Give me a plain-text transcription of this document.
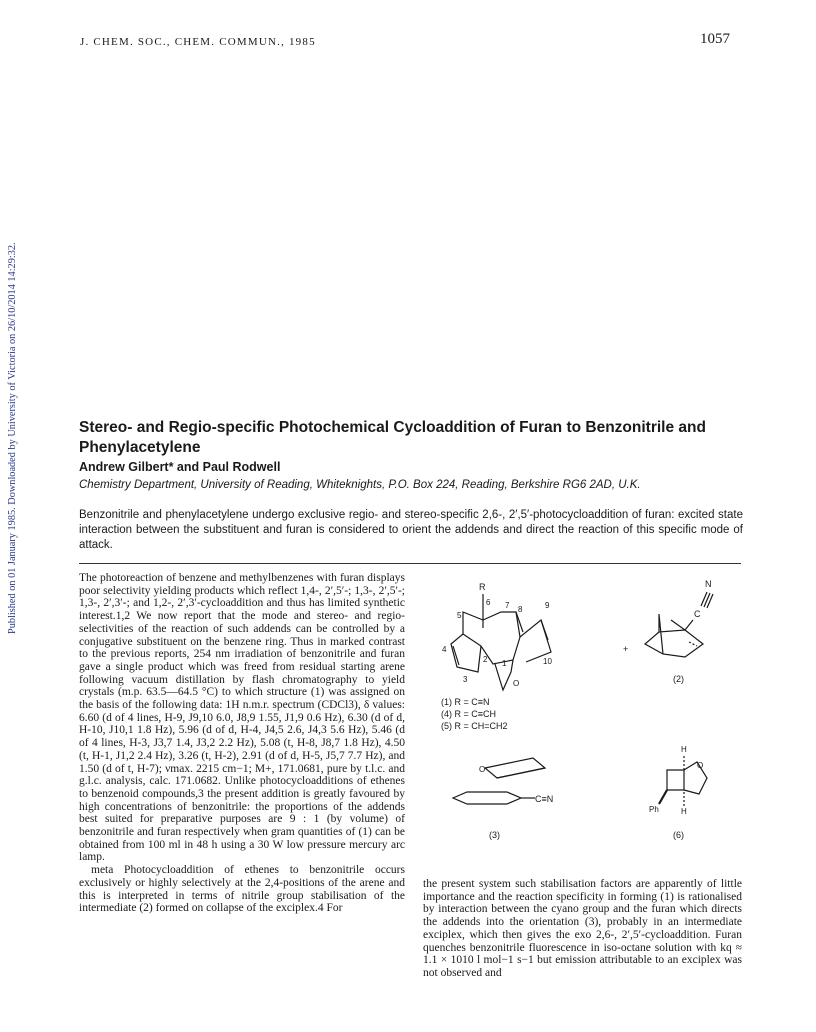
J. CHEM. SOC., CHEM. COMMUN., 1985	1057
Published on 01 January 1985. Downloaded by University of Victoria on 26/10/2014 14:29:32.	Stereo- and Regio-specific Photochemical Cycloaddition of Furan to Benzonitrile and Phenylacetylene
Andrew Gilbert* and Paul Rodwell
Chemistry Department, University of Reading, Whiteknights, P.O. Box 224, Reading, Berkshire RG6 2AD, U.K.
Benzonitrile and phenylacetylene undergo exclusive regio- and stereo-specific 2,6-, 2′,5′-photocycloaddition of furan: excited state interaction between the substituent and furan is considered to orient the addends and direct the reaction of this specific mode of attack.

The photoreaction of benzene and methylbenzenes with furan displays poor selectivity yielding products which reflect 1,4-, 2′,5′-; 1,3-, 2′,5′-; 1,3-, 2′,3′-; and 1,2-, 2′,3′-cycloaddition and thus has limited synthetic interest.1,2 We now report that the mode and stereo- and regio-selectivities of the reaction of such addends can be controlled by a conjugative substituent on the benzene ring. Thus in marked contrast to the previous reports, 254 nm irradiation of benzonitrile and furan gave a single product which was freed from residual starting arene following vacuum distillation by flash chromatography to yield crystals (m.p. 63.5—64.5 °C) to which structure (1) was assigned on the basis of the following data: 1H n.m.r. spectrum (CDCl3), δ values: 6.60 (d of 4 lines, H-9, J9,10 6.0, J8,9 1.55, J1,9 0.6 Hz), 6.30 (d of d, H-10, J10,1 1.8 Hz), 5.96 (d of d, H-4, J4,5 2.6, J4,3 5.6 Hz), 5.46 (d of 4 lines, H-3, J3,7 1.4, J3,2 2.2 Hz), 5.08 (t, H-8, J8,7 1.8 Hz), 4.50 (t, H-1, J1,2 2.4 Hz), 3.26 (t, H-2), 2.91 (d of d, H-5, J5,7 7.7 Hz), and 1.50 (d of t, H-7); νmax. 2215 cm−1; M+, 171.0681, pure by t.l.c. and g.l.c. analysis, calc. 171.0682. Unlike photocycloadditions of ethenes to benzenoid compounds,3 the present addition is greatly favoured by high concentrations of benzonitrile: the proportions of the addends best suited for preparative purposes are 9 : 1 (by volume) of benzonitrile and furan respectively when gram quantities of (1) can be obtained from 100 ml in 48 h using a 30 W low pressure mercury arc lamp.

meta Photocycloaddition of ethenes to benzonitrile occurs exclusively or highly selectively at the 2,4-positions of the arene and this is interpreted in terms of nitrile group stabilisation of the intermediate (2) formed on collapse of the exciplex.4 For

the present system such stabilisation factors are apparently of little importance and the reaction specificity in forming (1) is rationalised by interaction between the cyano group and the furan which directs the addends into the orientation (3), probably in an intermediate exciplex, which then gives the exo 2,6-, 2′,5′-cycloaddition. Furan quenches benzonitrile fluorescence in iso-octane solution with kq ≈ 1.1 × 1010 l mol−1 s−1 but emission attributable to an exciplex was not observed and

R
6 7 8	9
5
4
10
2 1
3	O
(1) R = C≡N
(4) R = C≡CH
(5) R = CH=CH2
N
C
+
(2)
O
C≡N
(3)
H
O
Ph	H
(6)
